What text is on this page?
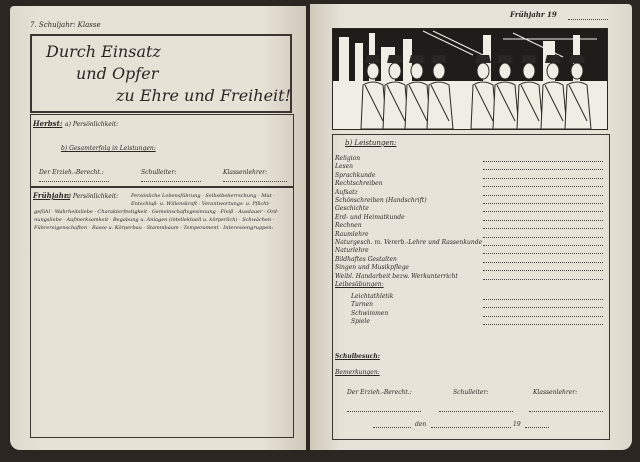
7. Schuljahr: Klasse
Durch Einsatz
und Opfer
zu Ehre und Freiheit!
Herbst: a) Persönlichkeit:
b) Gesamterfolg in Leistungen:
Der Erzieh.-Berecht.:	Schulleiter:	Klassenlehrer:
Frühjahr:
a) Persönlichkeit:	Persönliche Lebensführung · Selbstbeherrschung · Mut ·
Entschluß- u. Willenskraft · Verantwortungs- u. Pflicht-
gefühl · Wahrheitsliebe · Charakterfestigkeit · Gemeinschaftsgesinnung · Fleiß · Ausdauer · Ord-
nungsliebe · Aufmerksamkeit · Begabung u. Anlagen (intellektuell u. körperlich) · Schwächen ·
Führereigenschaften · Rasse u. Körperbau · Stammbaum · Temperament · Interessengruppen:
Frühjahr 19
b) Leistungen:
Religion
Lesen
Sprachkunde
Rechtschreiben
Aufsatz
Schönschreiben (Handschrift)
Geschichte
Erd- und Heimatkunde
Rechnen
Raumlehre
Naturgesch. m. Vererb.-Lehre und Rassenkunde
Naturlehre
Bildhaftes Gestalten
Singen und Musikpflege
Weibl. Handarbeit bezw. Werkunterricht
Leibesübungen:
Leichtathletik
Turnen
Schwimmen
Spiele
Schulbesuch:
Bemerkungen:
Der Erzieh.-Berecht.:	Schulleiter:	Klassenlehrer:
den	19
